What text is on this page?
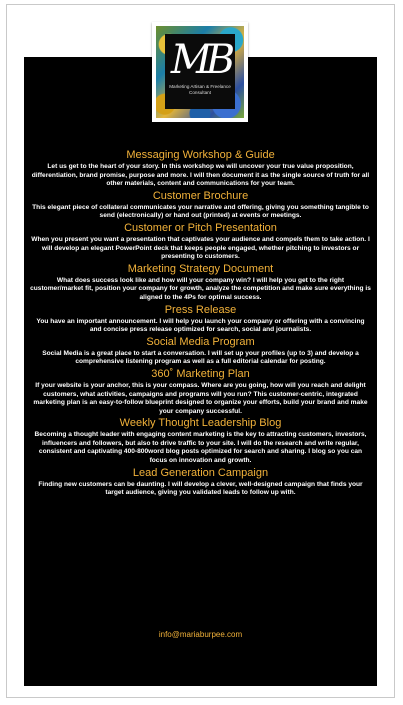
MB
Marketing Artisan & Freelance Consultant
Messaging Workshop & Guide

Let us get to the heart of your story. In this workshop we will uncover your true value proposition, differentiation, brand promise, purpose and more. I will then document it as the single source of truth for all other materials, content and communications for your team.

Customer Brochure

This elegant piece of collateral communicates your narrative and offering, giving you something tangible to send (electronically) or hand out (printed) at events or meetings.

Customer or Pitch Presentation

When you present you want a presentation that captivates your audience and compels them to take action. I will develop an elegant PowerPoint deck that keeps people engaged, whether pitching to investors or presenting to customers.

Marketing Strategy Document

What does success look like and how will your company win? I will help you get to the right customer/market fit, position your company for growth, analyze the competition and make sure everything is aligned to the 4Ps for optimal success.

Press Release

You have an important announcement. I will help you launch your company or offering with a convincing and concise press release optimized for search, social and journalists.

Social Media Program

Social Media is a great place to start a conversation. I will set up your profiles (up to 3) and develop a comprehensive listening program as well as a full editorial calendar for posting.

360˚ Marketing Plan

If your website is your anchor, this is your compass. Where are you going, how will you reach and delight customers, what activities, campaigns and programs will you run? This customer-centric, integrated marketing plan is an easy-to-follow blueprint designed to organize your efforts, build your brand and make your company successful.

Weekly Thought Leadership Blog

Becoming a thought leader with engaging content marketing is the key to attracting customers, investors, influencers and followers, but also to drive traffic to your site. I will do the research and write regular, consistent and captivating 400-800word blog posts optimized for search and sharing. I blog so you can focus on innovation and growth.

Lead Generation Campaign

Finding new customers can be daunting. I will develop a clever, well-designed campaign that finds your target audience, giving you validated leads to follow up with.

info@mariaburpee.com
